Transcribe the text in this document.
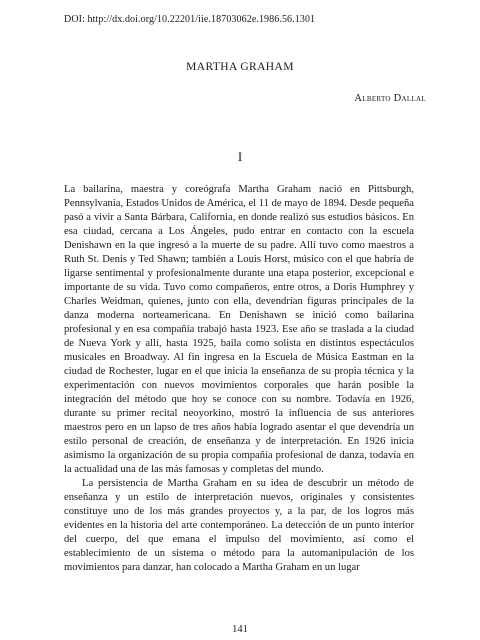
DOI: http://dx.doi.org/10.22201/iie.18703062e.1986.56.1301
MARTHA GRAHAM
Alberto Dallal
I

La bailarina, maestra y coreógrafa Martha Graham nació en Pittsburgh, Pennsylvania, Estados Unidos de América, el 11 de mayo de 1894. Desde pequeña pasó a vivir a Santa Bárbara, California, en donde realizó sus estudios básicos. En esa ciudad, cercana a Los Ángeles, pudo entrar en contacto con la escuela Denishawn en la que ingresó a la muerte de su padre. Allí tuvo como maestros a Ruth St. Denis y Ted Shawn; también a Louis Horst, músico con el que habría de ligarse sentimental y profesionalmente durante una etapa posterior, excepcional e importante de su vida. Tuvo como compañeros, entre otros, a Doris Humphrey y Charles Weidman, quienes, junto con ella, devendrían figuras principales de la danza moderna norteamericana. En Denishawn se inició como bailarina profesional y en esa compañía trabajó hasta 1923. Ese año se traslada a la ciudad de Nueva York y allí, hasta 1925, baila como solista en distintos espectáculos musicales en Broadway. Al fin ingresa en la Escuela de Música Eastman en la ciudad de Rochester, lugar en el que inicia la enseñanza de su propia técnica y la experimentación con nuevos movimientos corporales que harán posible la integración del método que hoy se conoce con su nombre. Todavía en 1926, durante su primer recital neoyorkino, mostró la influencia de sus anteriores maestros pero en un lapso de tres años había logrado asentar el que devendría un estilo personal de creación, de enseñanza y de interpretación. En 1926 inicia asimismo la organización de su propia compañía profesional de danza, todavía en la actualidad una de las más famosas y completas del mundo.

La persistencia de Martha Graham en su idea de descubrir un método de enseñanza y un estilo de interpretación nuevos, originales y consistentes constituye uno de los más grandes proyectos y, a la par, de los logros más evidentes en la historia del arte contemporáneo. La detección de un punto interior del cuerpo, del que emana el impulso del movimiento, así como el establecimiento de un sistema o método para la automanipulación de los movimientos para danzar, han colocado a Martha Graham en un lugar

141
